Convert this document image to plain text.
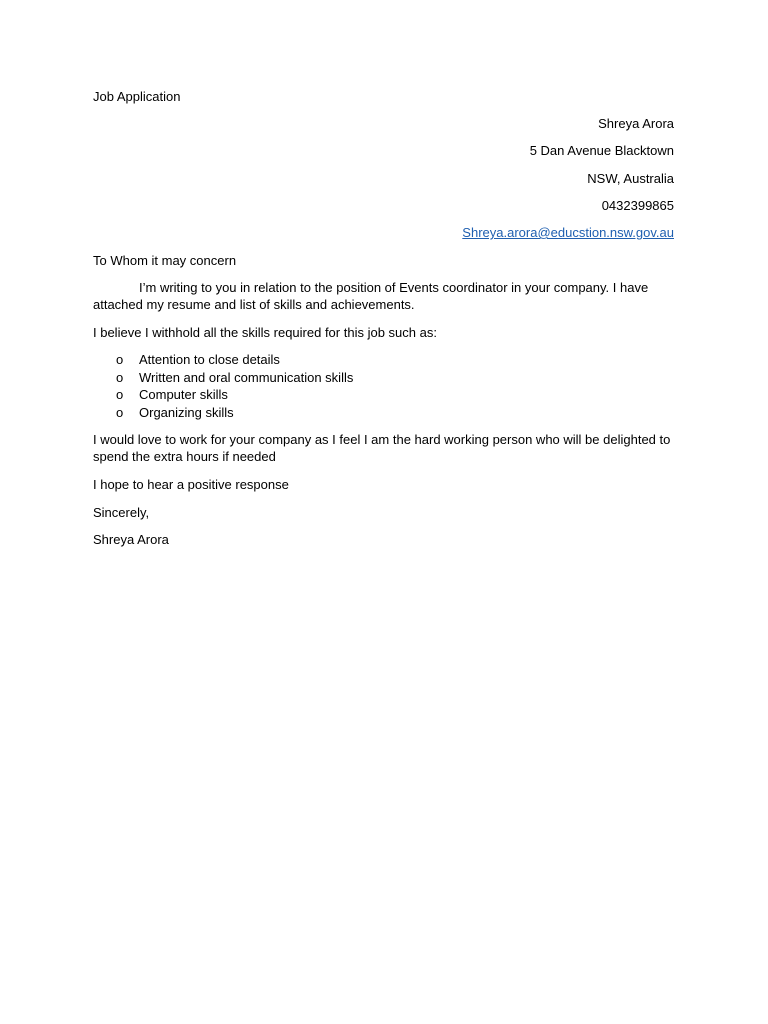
Job Application
Shreya Arora
5 Dan Avenue Blacktown
NSW, Australia
0432399865
Shreya.arora@educstion.nsw.gov.au
To Whom it may concern
I’m writing to you in relation to the position of Events coordinator in your company. I have attached my resume and list of skills and achievements.
I believe I withhold all the skills required for this job such as:
o Attention to close details
o Written and oral communication skills
o Computer skills
o Organizing skills
I would love to work for your company as I feel I am the hard working person who will be delighted to spend the extra hours if needed
I hope to hear a positive response
Sincerely,
Shreya Arora
